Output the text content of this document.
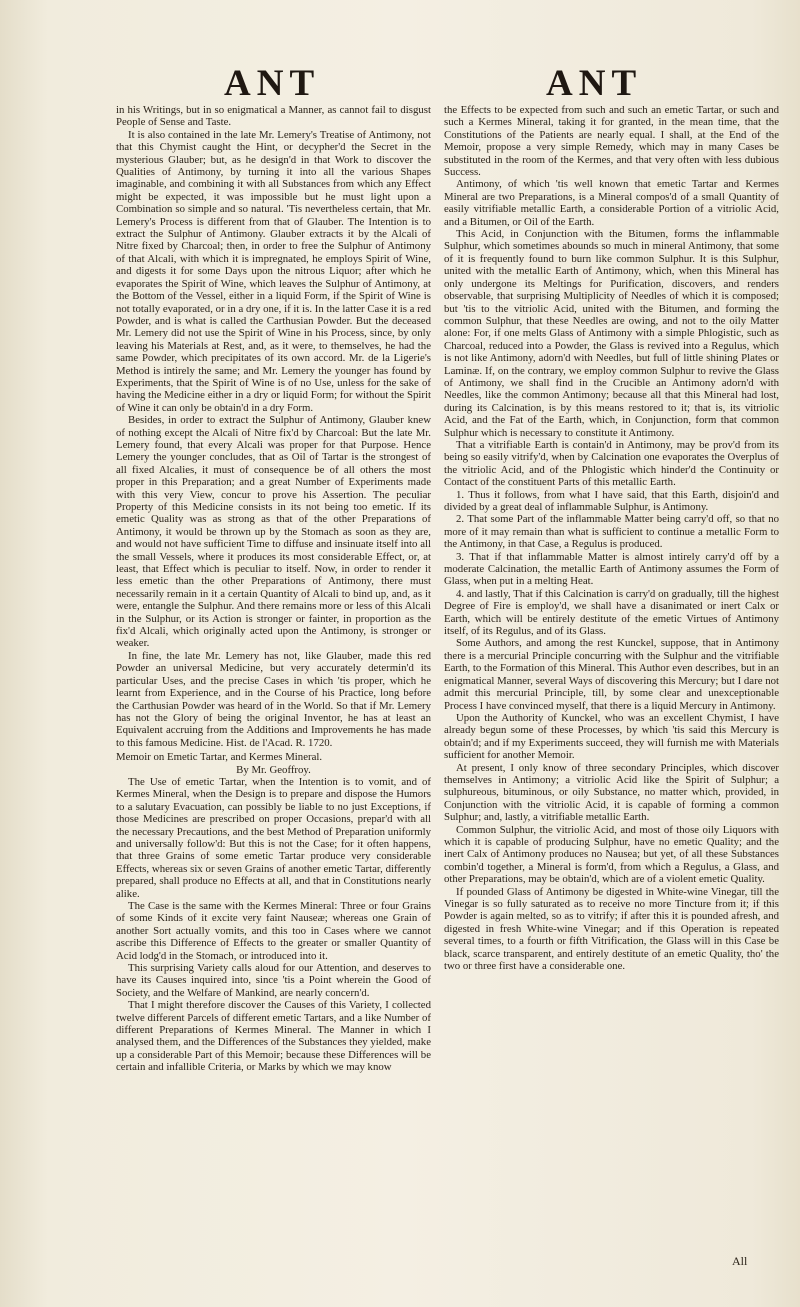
ANT	ANT

in his Writings, but in so enigmatical a Manner, as cannot fail to disgust People of Sense and Taste.

It is also contained in the late Mr. Lemery's Treatise of Antimony, not that this Chymist caught the Hint, or decypher'd the Secret in the mysterious Glauber; but, as he design'd in that Work to discover the Qualities of Antimony, by turning it into all the various Shapes imaginable, and combining it with all Substances from which any Effect might be expected, it was impossible but he must light upon a Combination so simple and so natural. 'Tis nevertheless certain, that Mr. Lemery's Process is different from that of Glauber. The Intention is to extract the Sulphur of Antimony. Glauber extracts it by the Alcali of Nitre fixed by Charcoal; then, in order to free the Sulphur of Antimony of that Alcali, with which it is impregnated, he employs Spirit of Wine, and digests it for some Days upon the nitrous Liquor; after which he evaporates the Spirit of Wine, which leaves the Sulphur of Antimony, at the Bottom of the Vessel, either in a liquid Form, if the Spirit of Wine is not totally evaporated, or in a dry one, if it is. In the latter Case it is a red Powder, and is what is called the Carthusian Powder. But the deceased Mr. Lemery did not use the Spirit of Wine in his Process, since, by only leaving his Materials at Rest, and, as it were, to themselves, he had the same Powder, which precipitates of its own accord. Mr. de la Ligerie's Method is intirely the same; and Mr. Lemery the younger has found by Experiments, that the Spirit of Wine is of no Use, unless for the sake of having the Medicine either in a dry or liquid Form; for without the Spirit of Wine it can only be obtain'd in a dry Form.

Besides, in order to extract the Sulphur of Antimony, Glauber knew of nothing except the Alcali of Nitre fix'd by Charcoal: But the late Mr. Lemery found, that every Alcali was proper for that Purpose. Hence Lemery the younger concludes, that as Oil of Tartar is the strongest of all fixed Alcalies, it must of consequence be of all others the most proper in this Preparation; and a great Number of Experiments made with this very View, concur to prove his Assertion. The peculiar Property of this Medicine consists in its not being too emetic. If its emetic Quality was as strong as that of the other Preparations of Antimony, it would be thrown up by the Stomach as soon as they are, and would not have sufficient Time to diffuse and insinuate itself into all the small Vessels, where it produces its most considerable Effect, or, at least, that Effect which is peculiar to itself. Now, in order to render it less emetic than the other Preparations of Antimony, there must necessarily remain in it a certain Quantity of Alcali to bind up, and, as it were, entangle the Sulphur. And there remains more or less of this Alcali in the Sulphur, or its Action is stronger or fainter, in proportion as the fix'd Alcali, which originally acted upon the Antimony, is stronger or weaker.

In fine, the late Mr. Lemery has not, like Glauber, made this red Powder an universal Medicine, but very accurately determin'd its particular Uses, and the precise Cases in which 'tis proper, which he learnt from Experience, and in the Course of his Practice, long before the Carthusian Powder was heard of in the World. So that if Mr. Lemery has not the Glory of being the original Inventor, he has at least an Equivalent accruing from the Additions and Improvements he has made to this famous Medicine. Hist. de l'Acad. R. 1720.

Memoir on Emetic Tartar, and Kermes Mineral.

By Mr. Geoffroy.

The Use of emetic Tartar, when the Intention is to vomit, and of Kermes Mineral, when the Design is to prepare and dispose the Humors to a salutary Evacuation, can possibly be liable to no just Exceptions, if those Medicines are prescribed on proper Occasions, prepar'd with all the necessary Precautions, and the best Method of Preparation uniformly and universally follow'd: But this is not the Case; for it often happens, that three Grains of some emetic Tartar produce very considerable Effects, whereas six or seven Grains of another emetic Tartar, differently prepared, shall produce no Effects at all, and that in Constitutions nearly alike.

The Case is the same with the Kermes Mineral: Three or four Grains of some Kinds of it excite very faint Nauseæ; whereas one Grain of another Sort actually vomits, and this too in Cases where we cannot ascribe this Difference of Effects to the greater or smaller Quantity of Acid lodg'd in the Stomach, or introduced into it.

This surprising Variety calls aloud for our Attention, and deserves to have its Causes inquired into, since 'tis a Point wherein the Good of Society, and the Welfare of Mankind, are nearly concern'd.

That I might therefore discover the Causes of this Variety, I collected twelve different Parcels of different emetic Tartars, and a like Number of different Preparations of Kermes Mineral. The Manner in which I analysed them, and the Differences of the Substances they yielded, make up a considerable Part of this Memoir; because these Differences will be certain and infallible Criteria, or Marks by which we may know

the Effects to be expected from such and such an emetic Tartar, or such and such a Kermes Mineral, taking it for granted, in the mean time, that the Constitutions of the Patients are nearly equal. I shall, at the End of the Memoir, propose a very simple Remedy, which may in many Cases be substituted in the room of the Kermes, and that very often with less dubious Success.

Antimony, of which 'tis well known that emetic Tartar and Kermes Mineral are two Preparations, is a Mineral compos'd of a small Quantity of easily vitrifiable metallic Earth, a considerable Portion of a vitriolic Acid, and a Bitumen, or Oil of the Earth.

This Acid, in Conjunction with the Bitumen, forms the inflammable Sulphur, which sometimes abounds so much in mineral Antimony, that some of it is frequently found to burn like common Sulphur. It is this Sulphur, united with the metallic Earth of Antimony, which, when this Mineral has only undergone its Meltings for Purification, discovers, and renders observable, that surprising Multiplicity of Needles of which it is composed; but 'tis to the vitriolic Acid, united with the Bitumen, and forming the common Sulphur, that these Needles are owing, and not to the oily Matter alone: For, if one melts Glass of Antimony with a simple Phlogistic, such as Charcoal, reduced into a Powder, the Glass is revived into a Regulus, which is not like Antimony, adorn'd with Needles, but full of little shining Plates or Laminæ. If, on the contrary, we employ common Sulphur to revive the Glass of Antimony, we shall find in the Crucible an Antimony adorn'd with Needles, like the common Antimony; because all that this Mineral had lost, during its Calcination, is by this means restored to it; that is, its vitriolic Acid, and the Fat of the Earth, which, in Conjunction, form that common Sulphur which is necessary to constitute it Antimony.

That a vitrifiable Earth is contain'd in Antimony, may be prov'd from its being so easily vitrify'd, when by Calcination one evaporates the Overplus of the vitriolic Acid, and of the Phlogistic which hinder'd the Continuity or Contact of the constituent Parts of this metallic Earth.

1. Thus it follows, from what I have said, that this Earth, disjoin'd and divided by a great deal of inflammable Sulphur, is Antimony.

2. That some Part of the inflammable Matter being carry'd off, so that no more of it may remain than what is sufficient to continue a metallic Form to the Antimony, in that Case, a Regulus is produced.

3. That if that inflammable Matter is almost intirely carry'd off by a moderate Calcination, the metallic Earth of Antimony assumes the Form of Glass, when put in a melting Heat.

4. and lastly, That if this Calcination is carry'd on gradually, till the highest Degree of Fire is employ'd, we shall have a disanimated or inert Calx or Earth, which will be entirely destitute of the emetic Virtues of Antimony itself, of its Regulus, and of its Glass.

Some Authors, and among the rest Kunckel, suppose, that in Antimony there is a mercurial Principle concurring with the Sulphur and the vitrifiable Earth, to the Formation of this Mineral. This Author even describes, but in an enigmatical Manner, several Ways of discovering this Mercury; but I dare not admit this mercurial Principle, till, by some clear and unexceptionable Process I have convinced myself, that there is a liquid Mercury in Antimony.

Upon the Authority of Kunckel, who was an excellent Chymist, I have already begun some of these Processes, by which 'tis said this Mercury is obtain'd; and if my Experiments succeed, they will furnish me with Materials sufficient for another Memoir.

At present, I only know of three secondary Principles, which discover themselves in Antimony; a vitriolic Acid like the Spirit of Sulphur; a sulphureous, bituminous, or oily Substance, no matter which, provided, in Conjunction with the vitriolic Acid, it is capable of forming a common Sulphur; and, lastly, a vitrifiable metallic Earth.

Common Sulphur, the vitriolic Acid, and most of those oily Liquors with which it is capable of producing Sulphur, have no emetic Quality; and the inert Calx of Antimony produces no Nausea; but yet, of all these Substances combin'd together, a Mineral is form'd, from which a Regulus, a Glass, and other Preparations, may be obtain'd, which are of a violent emetic Quality.

If pounded Glass of Antimony be digested in White-wine Vinegar, till the Vinegar is so fully saturated as to receive no more Tincture from it; if this Powder is again melted, so as to vitrify; if after this it is pounded afresh, and digested in fresh White-wine Vinegar; and if this Operation is repeated several times, to a fourth or fifth Vitrification, the Glass will in this Case be black, scarce transparent, and entirely destitute of an emetic Quality, tho' the two or three first have a considerable one.

All
